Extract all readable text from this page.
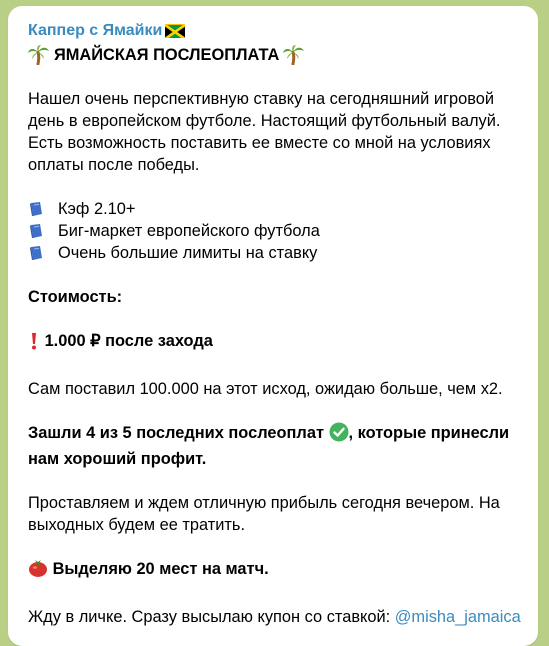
Каппер с Ямайки
ЯМАЙСКАЯ ПОСЛЕОПЛАТА

Нашел очень перспективную ставку на сегодняшний игровой день в европейском футболе. Настоящий футбольный валуй. Есть возможность поставить ее вместе со мной на условиях оплаты после победы.

Кэф 2.10+
Биг-маркет европейского футбола
Очень большие лимиты на ставку

Стоимость:

1.000 ₽ после захода

Сам поставил 100.000 на этот исход, ожидаю больше, чем x2.

Зашли 4 из 5 последних послеоплат , которые принесли нам хороший профит.

Проставляем и ждем отличную прибыль сегодня вечером. На выходных будем ее тратить.

Выделяю 20 мест на матч.

Жду в личке. Сразу высылаю купон со ставкой: @misha_jamaica
